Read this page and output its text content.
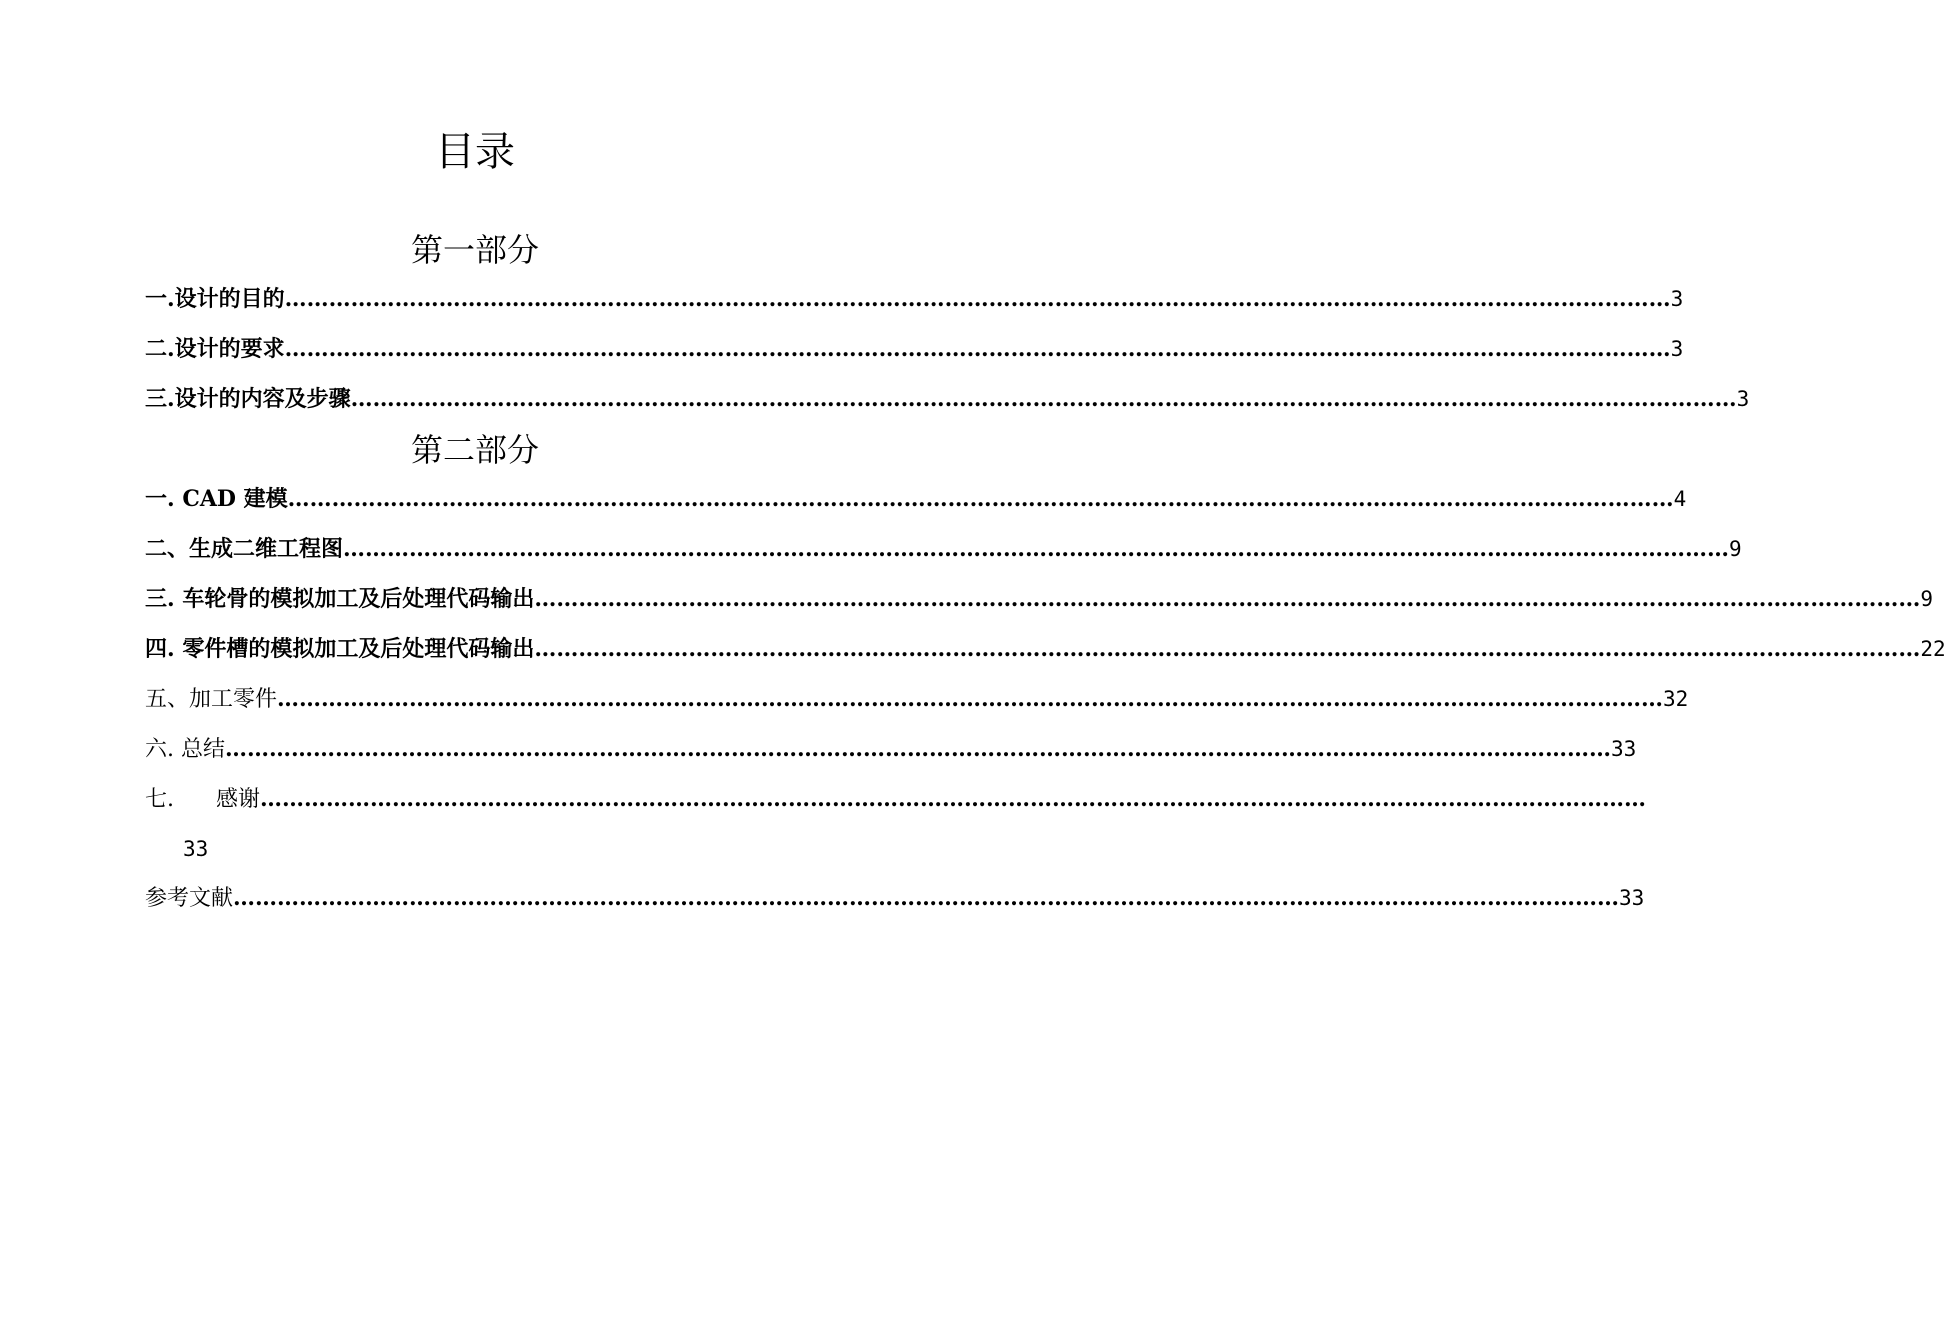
目录
第一部分
一.设计的目的 ……………………………………………………………………………………………………………………………………………………………………… 3
二.设计的要求 ……………………………………………………………………………………………………………………………………………………………………… 3
三.设计的内容及步骤 ……………………………………………………………………………………………………………………………………………………………………… 3
第二部分
一. CAD 建模 ……………………………………………………………………………………………………………………………………………………………………… 4
二、生成二维工程图 ……………………………………………………………………………………………………………………………………………………………………… 9
三. 车轮骨的模拟加工及后处理代码输出 ……………………………………………………………………………………………………………………………………………………………………… 9
四. 零件槽的模拟加工及后处理代码输出 ……………………………………………………………………………………………………………………………………………………………………… 22
五、加工零件 ……………………………………………………………………………………………………………………………………………………………………… 32
六. 总结 ……………………………………………………………………………………………………………………………………………………………………… 33
七.      感谢 ………………………………………………………………………………………………………………………………………………………………………
33
参考文献 ……………………………………………………………………………………………………………………………………………………………………… 33
